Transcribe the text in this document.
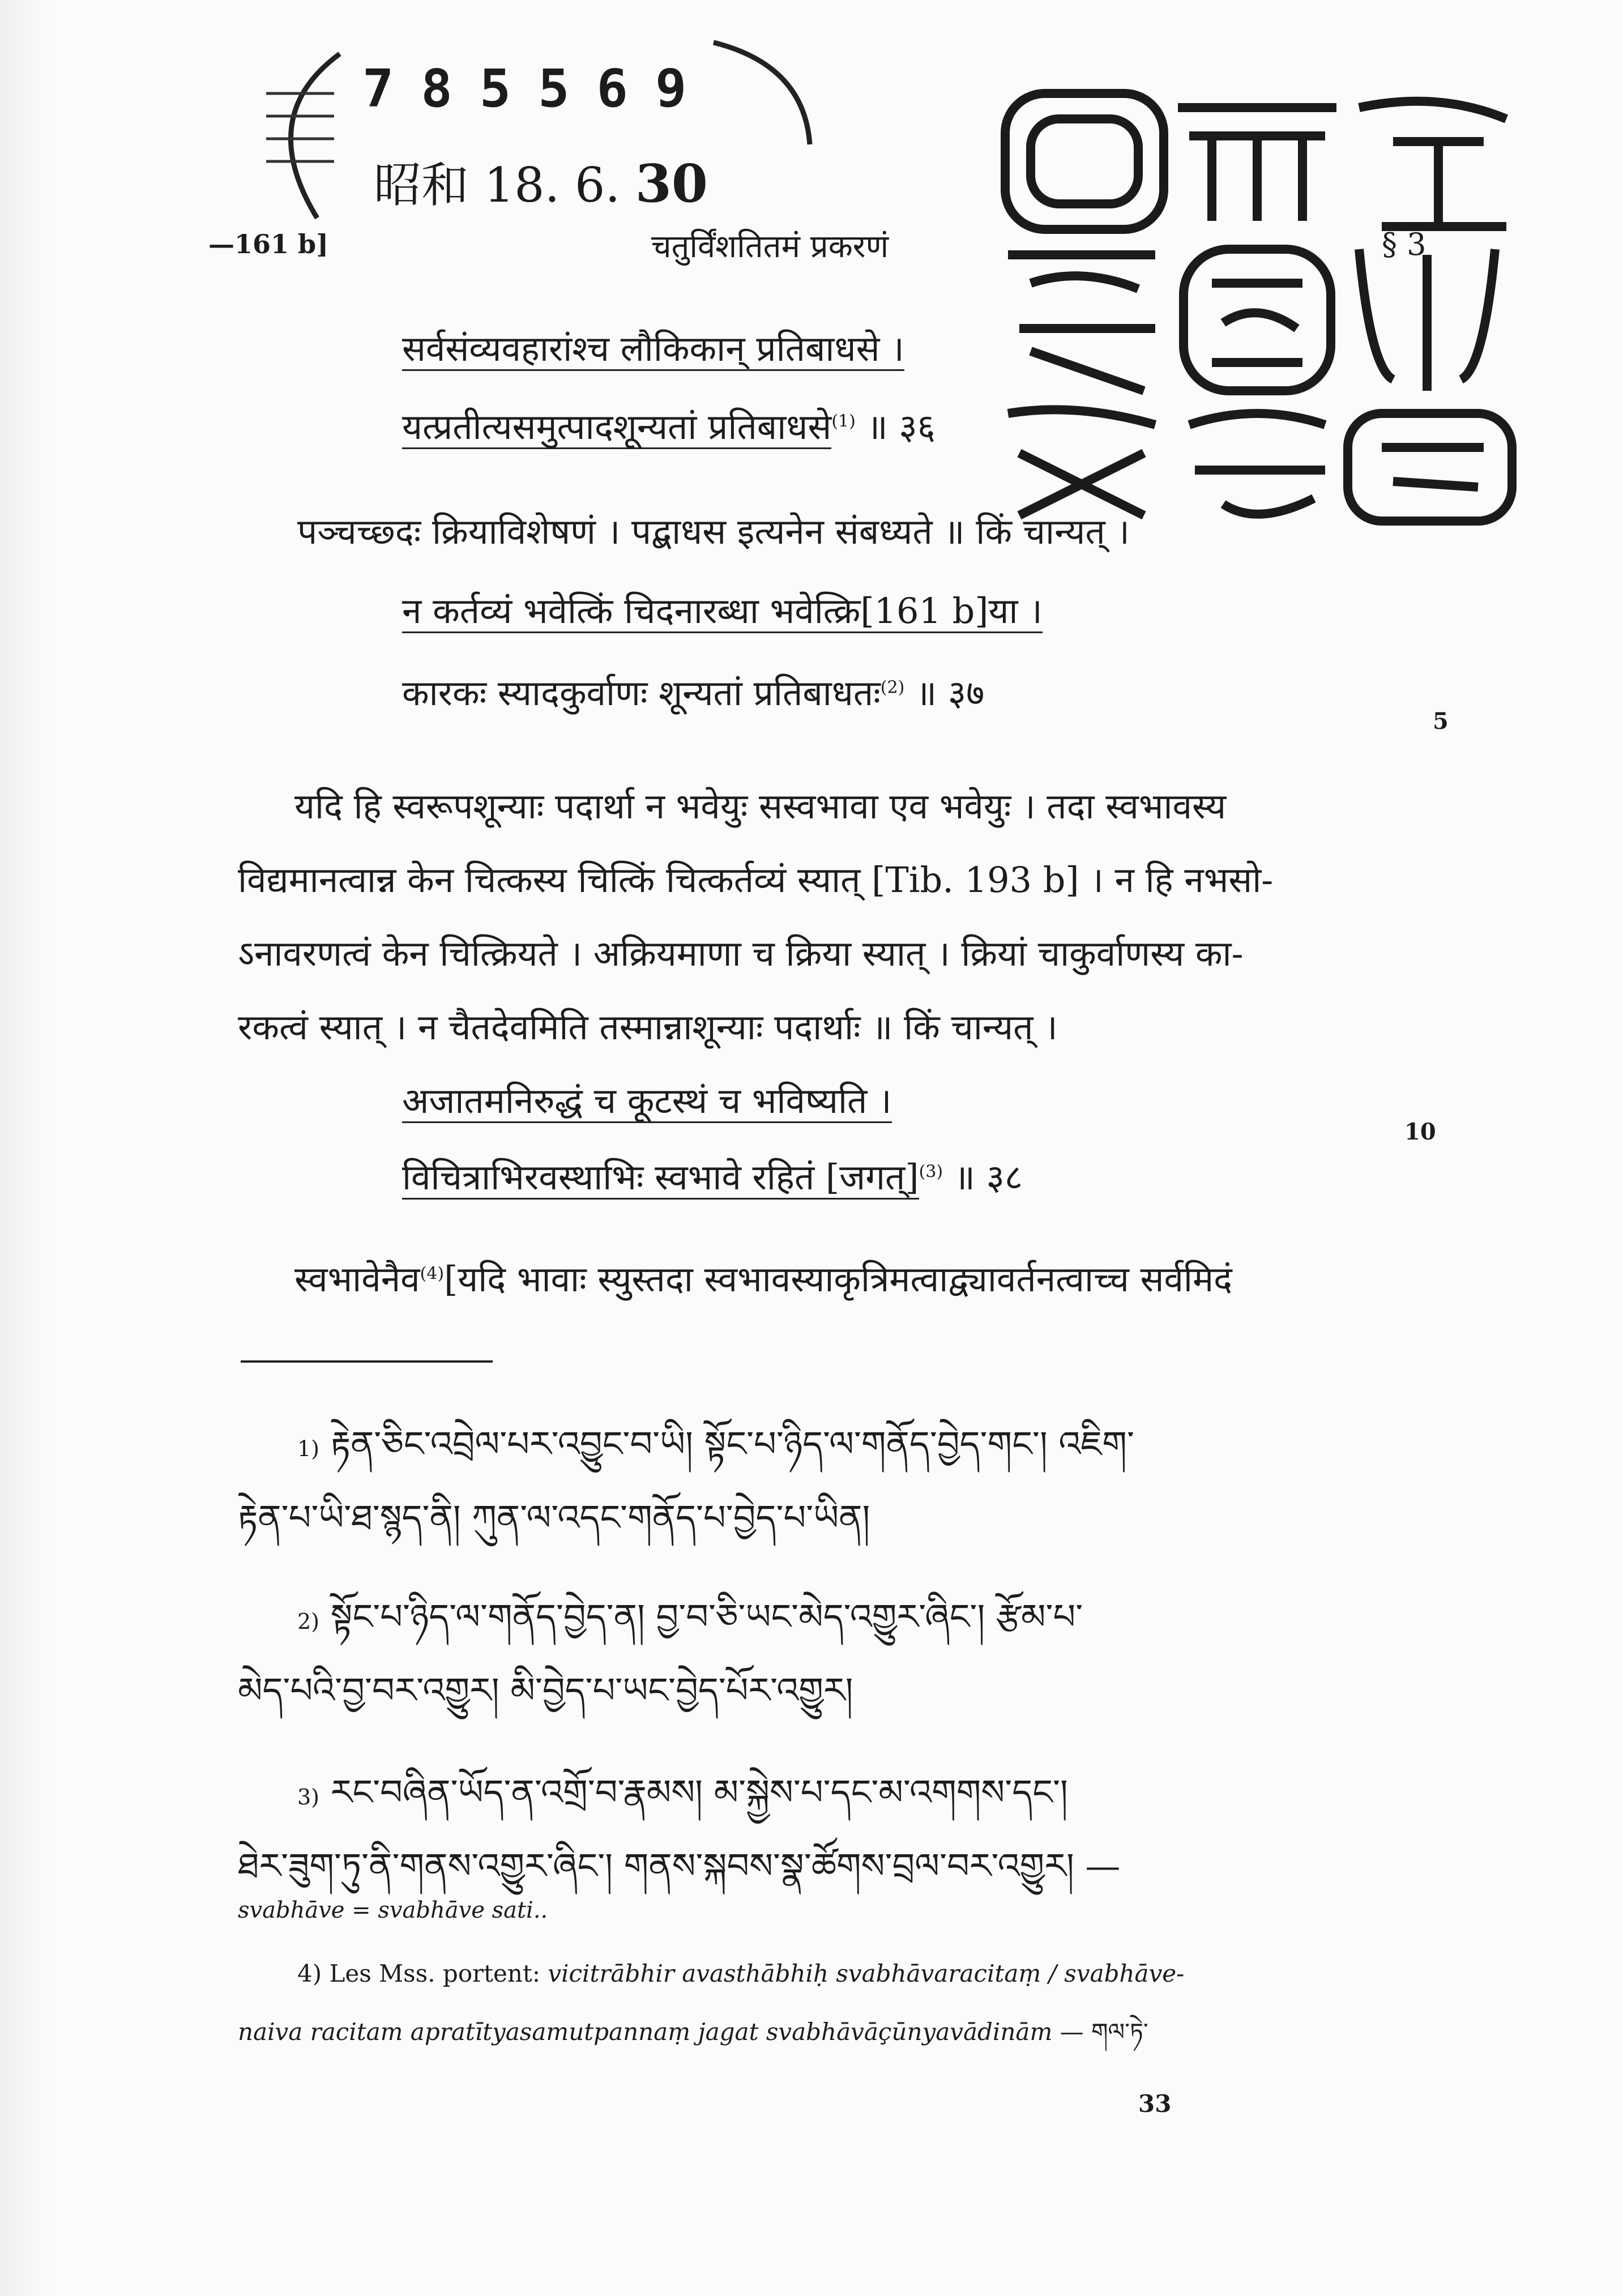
785569
昭和 18. 6. 30
—161 b]	चतुर्विंशतितमं प्रकरणं	§ 3
सर्वसंव्यवहारांश्च लौकिकान् प्रतिबाधसे ।
यत्प्रतीत्यसमुत्पादशून्यतां प्रतिबाधसे$^{(1)}$ ॥ ३६
पञ्चच्छ्दः क्रियाविशेषणं । पद्बाधस इत्यनेन संबध्यते ॥ किं चान्यत् ।
न कर्तव्यं भवेत्किं चिदनारब्धा भवेत्क्रि[161 b]या ।
कारकः स्यादकुर्वाणः शून्यतां प्रतिबाधतः$^{(2)}$ ॥ ३७
5
यदि हि स्वरूपशून्याः पदार्था न भवेयुः सस्वभावा एव भवेयुः । तदा स्वभावस्य
विद्यमानत्वान्न केन चित्कस्य चित्किं चित्कर्तव्यं स्यात् [Tib. 193 b] । न हि नभसो-
ऽनावरणत्वं केन चित्क्रियते । अक्रियमाणा च क्रिया स्यात् । क्रियां चाकुर्वाणस्य का-
रकत्वं स्यात् । न चैतदेवमिति तस्मान्नाशून्याः पदार्थाः ॥ किं चान्यत् ।
अजातमनिरुद्धं च कूटस्थं च भविष्यति ।
10
विचित्राभिरवस्थाभिः स्वभावे रहितं [जगत्]$^{(3)}$ ॥ ३८
स्वभावेनैव$^{(4)}$[यदि भावाः स्युस्तदा स्वभावस्याकृत्रिमत्वाद्व्यावर्तनत्वाच्च सर्वमिदं
1) རྟེན་ཅིང་འབྲེལ་པར་འབྱུང་བ་ཡི། སྟོང་པ་ཉིད་ལ་གནོད་བྱེད་གང་། འཇིག་
རྟེན་པ་ཡི་ཐ་སྙད་ནི། ཀུན་ལ་འདང་གནོད་པ་བྱེད་པ་ཡིན།
2) སྟོང་པ་ཉིད་ལ་གནོད་བྱེད་ན། བྱ་བ་ཅི་ཡང་མེད་འགྱུར་ཞིང་། རྩོམ་པ་
མེད་པའི་བྱ་བར་འགྱུར། མི་བྱེད་པ་ཡང་བྱེད་པོར་འགྱུར།
3) རང་བཞིན་ཡོད་ན་འགྲོ་བ་རྣམས། མ་སྐྱེས་པ་དང་མ་འགགས་དང་།
ཐེར་ཟུག་ཏུ་ནི་གནས་འགྱུར་ཞིང་། གནས་སྐབས་སྣ་ཚོགས་བྲལ་བར་འགྱུར། —
svabhāve = svabhāve sati..
4) Les Mss. portent: vicitrābhir avasthābhiḥ svabhāvaracitaṃ / svabhāve-
naiva racitam apratītyasamutpannaṃ jagat svabhāvāçūnyavādinām — གལ་ཏེ་
33
